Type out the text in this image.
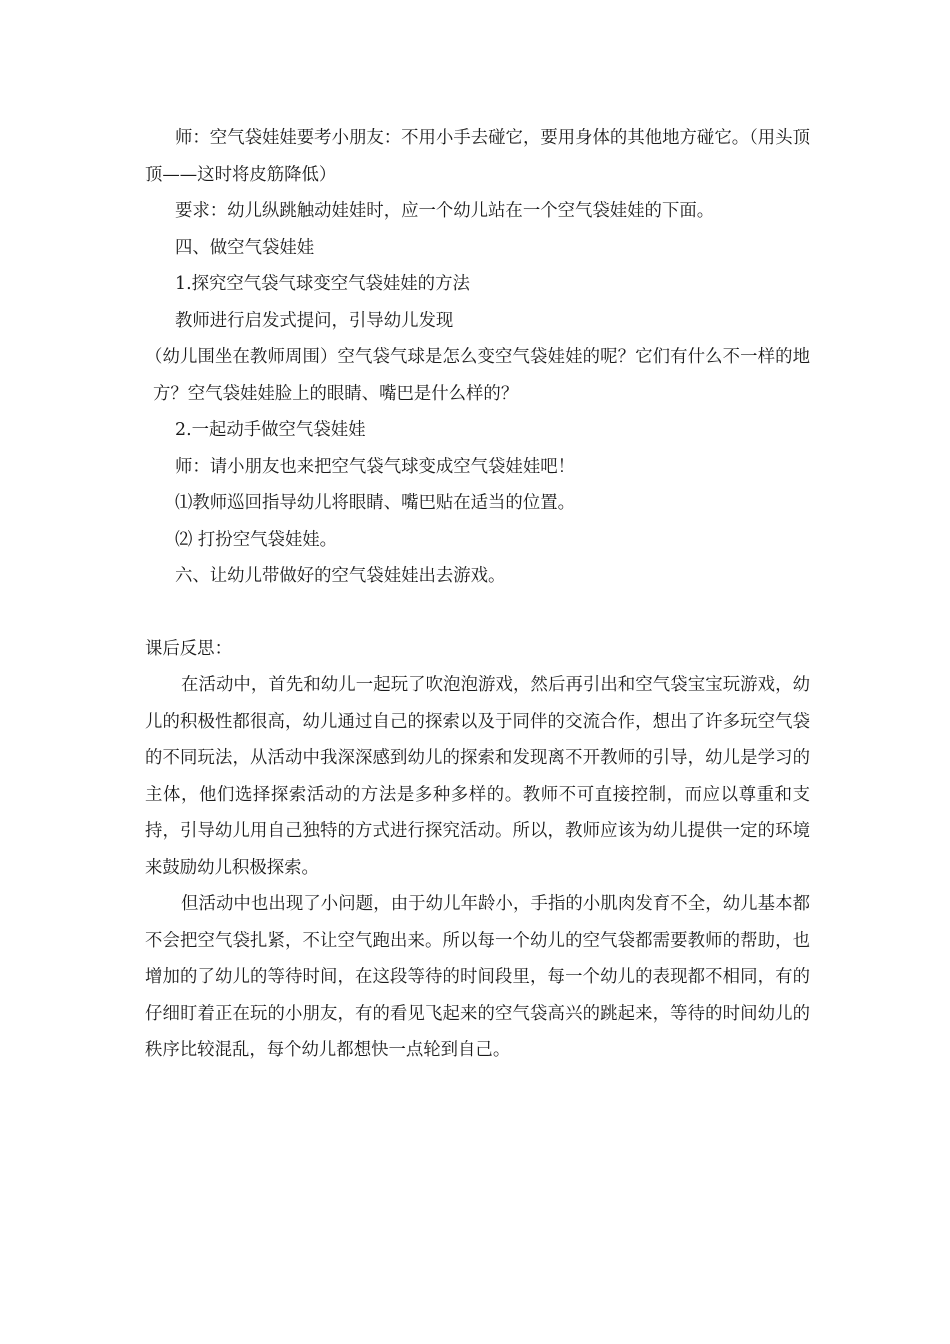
师：空气袋娃娃要考小朋友：不用小手去碰它，要用身体的其他地方碰它。（用头顶顶——这时将皮筋降低）

要求：幼儿纵跳触动娃娃时，应一个幼儿站在一个空气袋娃娃的下面。

四、做空气袋娃娃

1.探究空气袋气球变空气袋娃娃的方法

教师进行启发式提问，引导幼儿发现

（幼儿围坐在教师周围）空气袋气球是怎么变空气袋娃娃的呢？它们有什么不一样的地方？空气袋娃娃脸上的眼睛、嘴巴是什么样的？

2.一起动手做空气袋娃娃

师：请小朋友也来把空气袋气球变成空气袋娃娃吧！

⑴教师巡回指导幼儿将眼睛、嘴巴贴在适当的位置。

⑵ 打扮空气袋娃娃。

六、让幼儿带做好的空气袋娃娃出去游戏。

课后反思：

在活动中，首先和幼儿一起玩了吹泡泡游戏，然后再引出和空气袋宝宝玩游戏，幼儿的积极性都很高，幼儿通过自己的探索以及于同伴的交流合作，想出了许多玩空气袋的不同玩法，从活动中我深深感到幼儿的探索和发现离不开教师的引导，幼儿是学习的主体，他们选择探索活动的方法是多种多样的。教师不可直接控制，而应以尊重和支持，引导幼儿用自己独特的方式进行探究活动。所以，教师应该为幼儿提供一定的环境来鼓励幼儿积极探索。

但活动中也出现了小问题，由于幼儿年龄小，手指的小肌肉发育不全，幼儿基本都不会把空气袋扎紧，不让空气跑出来。所以每一个幼儿的空气袋都需要教师的帮助，也增加的了幼儿的等待时间，在这段等待的时间段里，每一个幼儿的表现都不相同，有的仔细盯着正在玩的小朋友，有的看见飞起来的空气袋高兴的跳起来，等待的时间幼儿的秩序比较混乱，每个幼儿都想快一点轮到自己。
